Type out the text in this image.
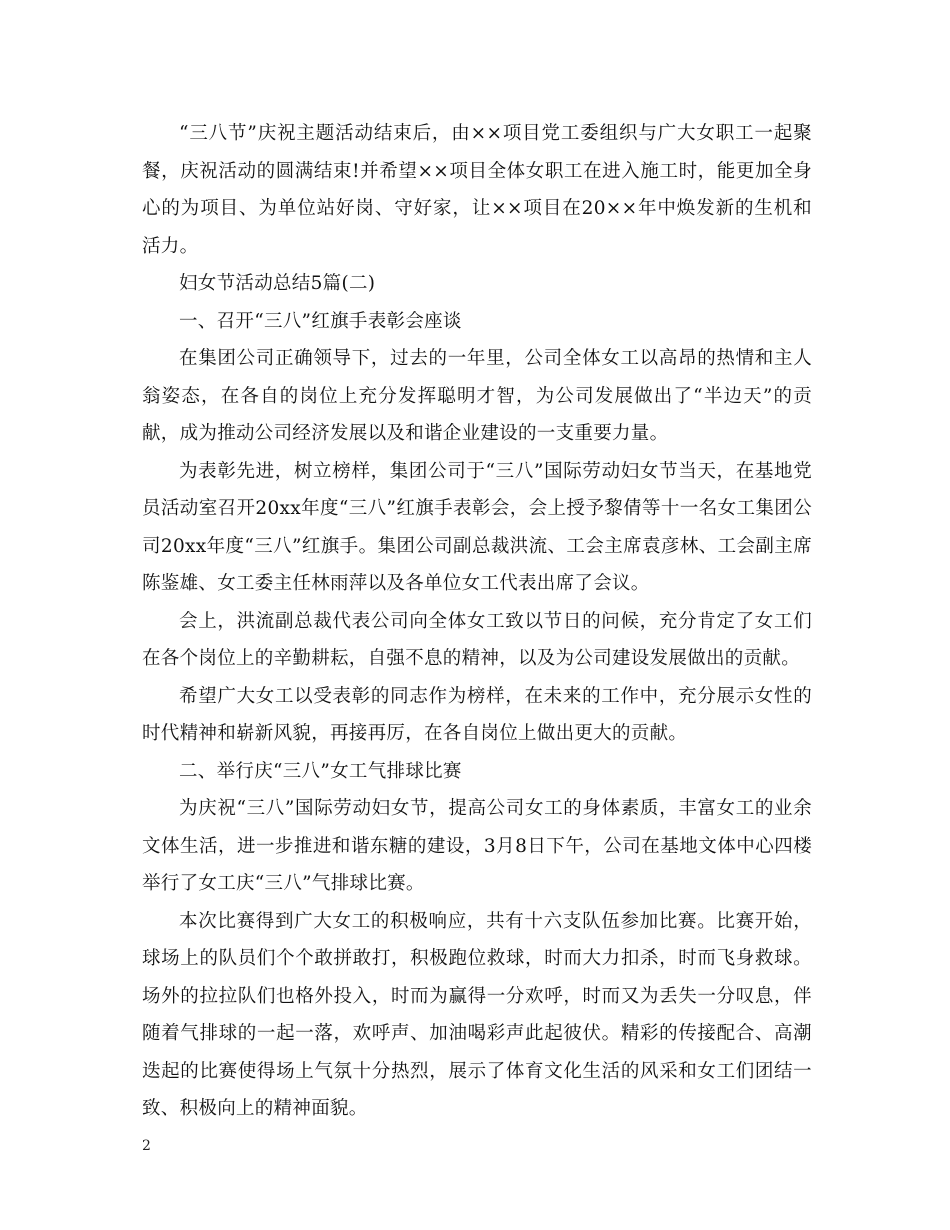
“三八节”庆祝主题活动结束后，由××项目党工委组织与广大女职工一起聚餐，庆祝活动的圆满结束!并希望××项目全体女职工在进入施工时，能更加全身心的为项目、为单位站好岗、守好家，让××项目在20××年中焕发新的生机和活力。

妇女节活动总结5篇(二)

一、召开“三八”红旗手表彰会座谈

在集团公司正确领导下，过去的一年里，公司全体女工以高昂的热情和主人翁姿态，在各自的岗位上充分发挥聪明才智，为公司发展做出了“半边天”的贡献，成为推动公司经济发展以及和谐企业建设的一支重要力量。

为表彰先进，树立榜样，集团公司于“三八”国际劳动妇女节当天，在基地党员活动室召开20xx年度“三八”红旗手表彰会，会上授予黎倩等十一名女工集团公司20xx年度“三八”红旗手。集团公司副总裁洪流、工会主席袁彦林、工会副主席陈鉴雄、女工委主任林雨萍以及各单位女工代表出席了会议。

会上，洪流副总裁代表公司向全体女工致以节日的问候，充分肯定了女工们在各个岗位上的辛勤耕耘，自强不息的精神，以及为公司建设发展做出的贡献。

希望广大女工以受表彰的同志作为榜样，在未来的工作中，充分展示女性的时代精神和崭新风貌，再接再厉，在各自岗位上做出更大的贡献。

二、举行庆“三八”女工气排球比赛

为庆祝“三八”国际劳动妇女节，提高公司女工的身体素质，丰富女工的业余文体生活，进一步推进和谐东糖的建设，3月8日下午，公司在基地文体中心四楼举行了女工庆“三八”气排球比赛。

本次比赛得到广大女工的积极响应，共有十六支队伍参加比赛。比赛开始，球场上的队员们个个敢拼敢打，积极跑位救球，时而大力扣杀，时而飞身救球。场外的拉拉队们也格外投入，时而为赢得一分欢呼，时而又为丢失一分叹息，伴随着气排球的一起一落，欢呼声、加油喝彩声此起彼伏。精彩的传接配合、高潮迭起的比赛使得场上气氛十分热烈，展示了体育文化生活的风采和女工们团结一致、积极向上的精神面貌。

2
